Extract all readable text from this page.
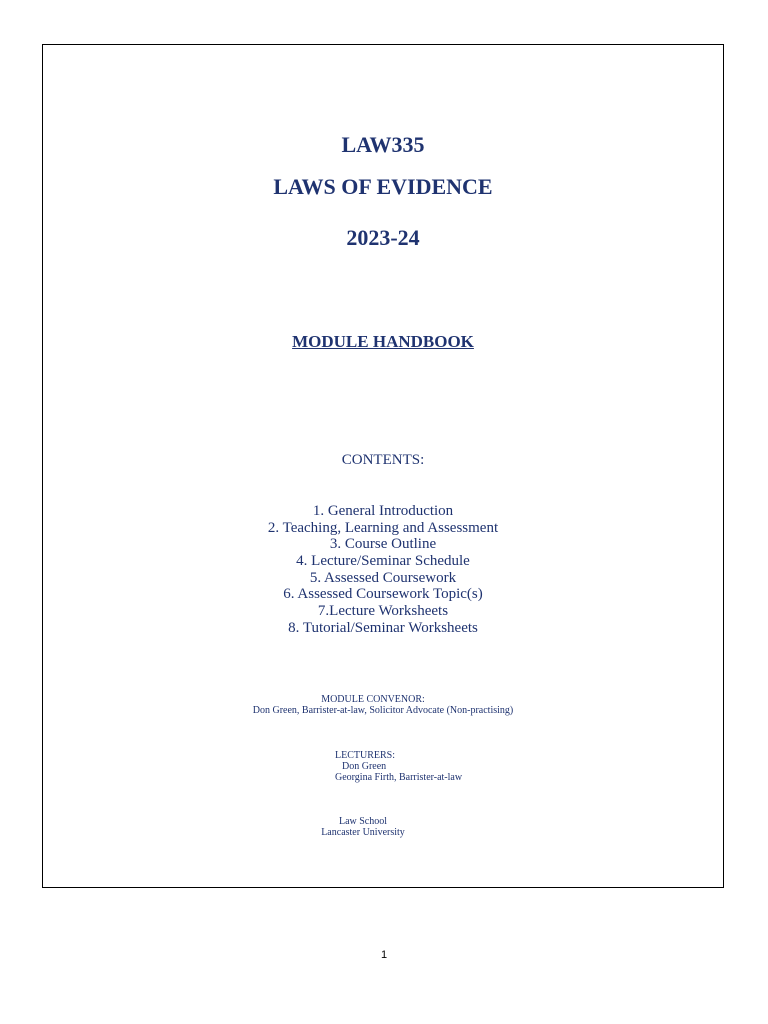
LAW335
LAWS OF EVIDENCE
2023-24
MODULE HANDBOOK
CONTENTS:
1. General Introduction
2. Teaching, Learning and Assessment
3. Course Outline
4. Lecture/Seminar Schedule
5. Assessed Coursework
6. Assessed Coursework Topic(s)
7.Lecture Worksheets
8. Tutorial/Seminar Worksheets
MODULE CONVENOR:
Don Green, Barrister-at-law, Solicitor Advocate (Non-practising)
LECTURERS:
Don Green
Georgina Firth, Barrister-at-law
Law School
Lancaster University
1
